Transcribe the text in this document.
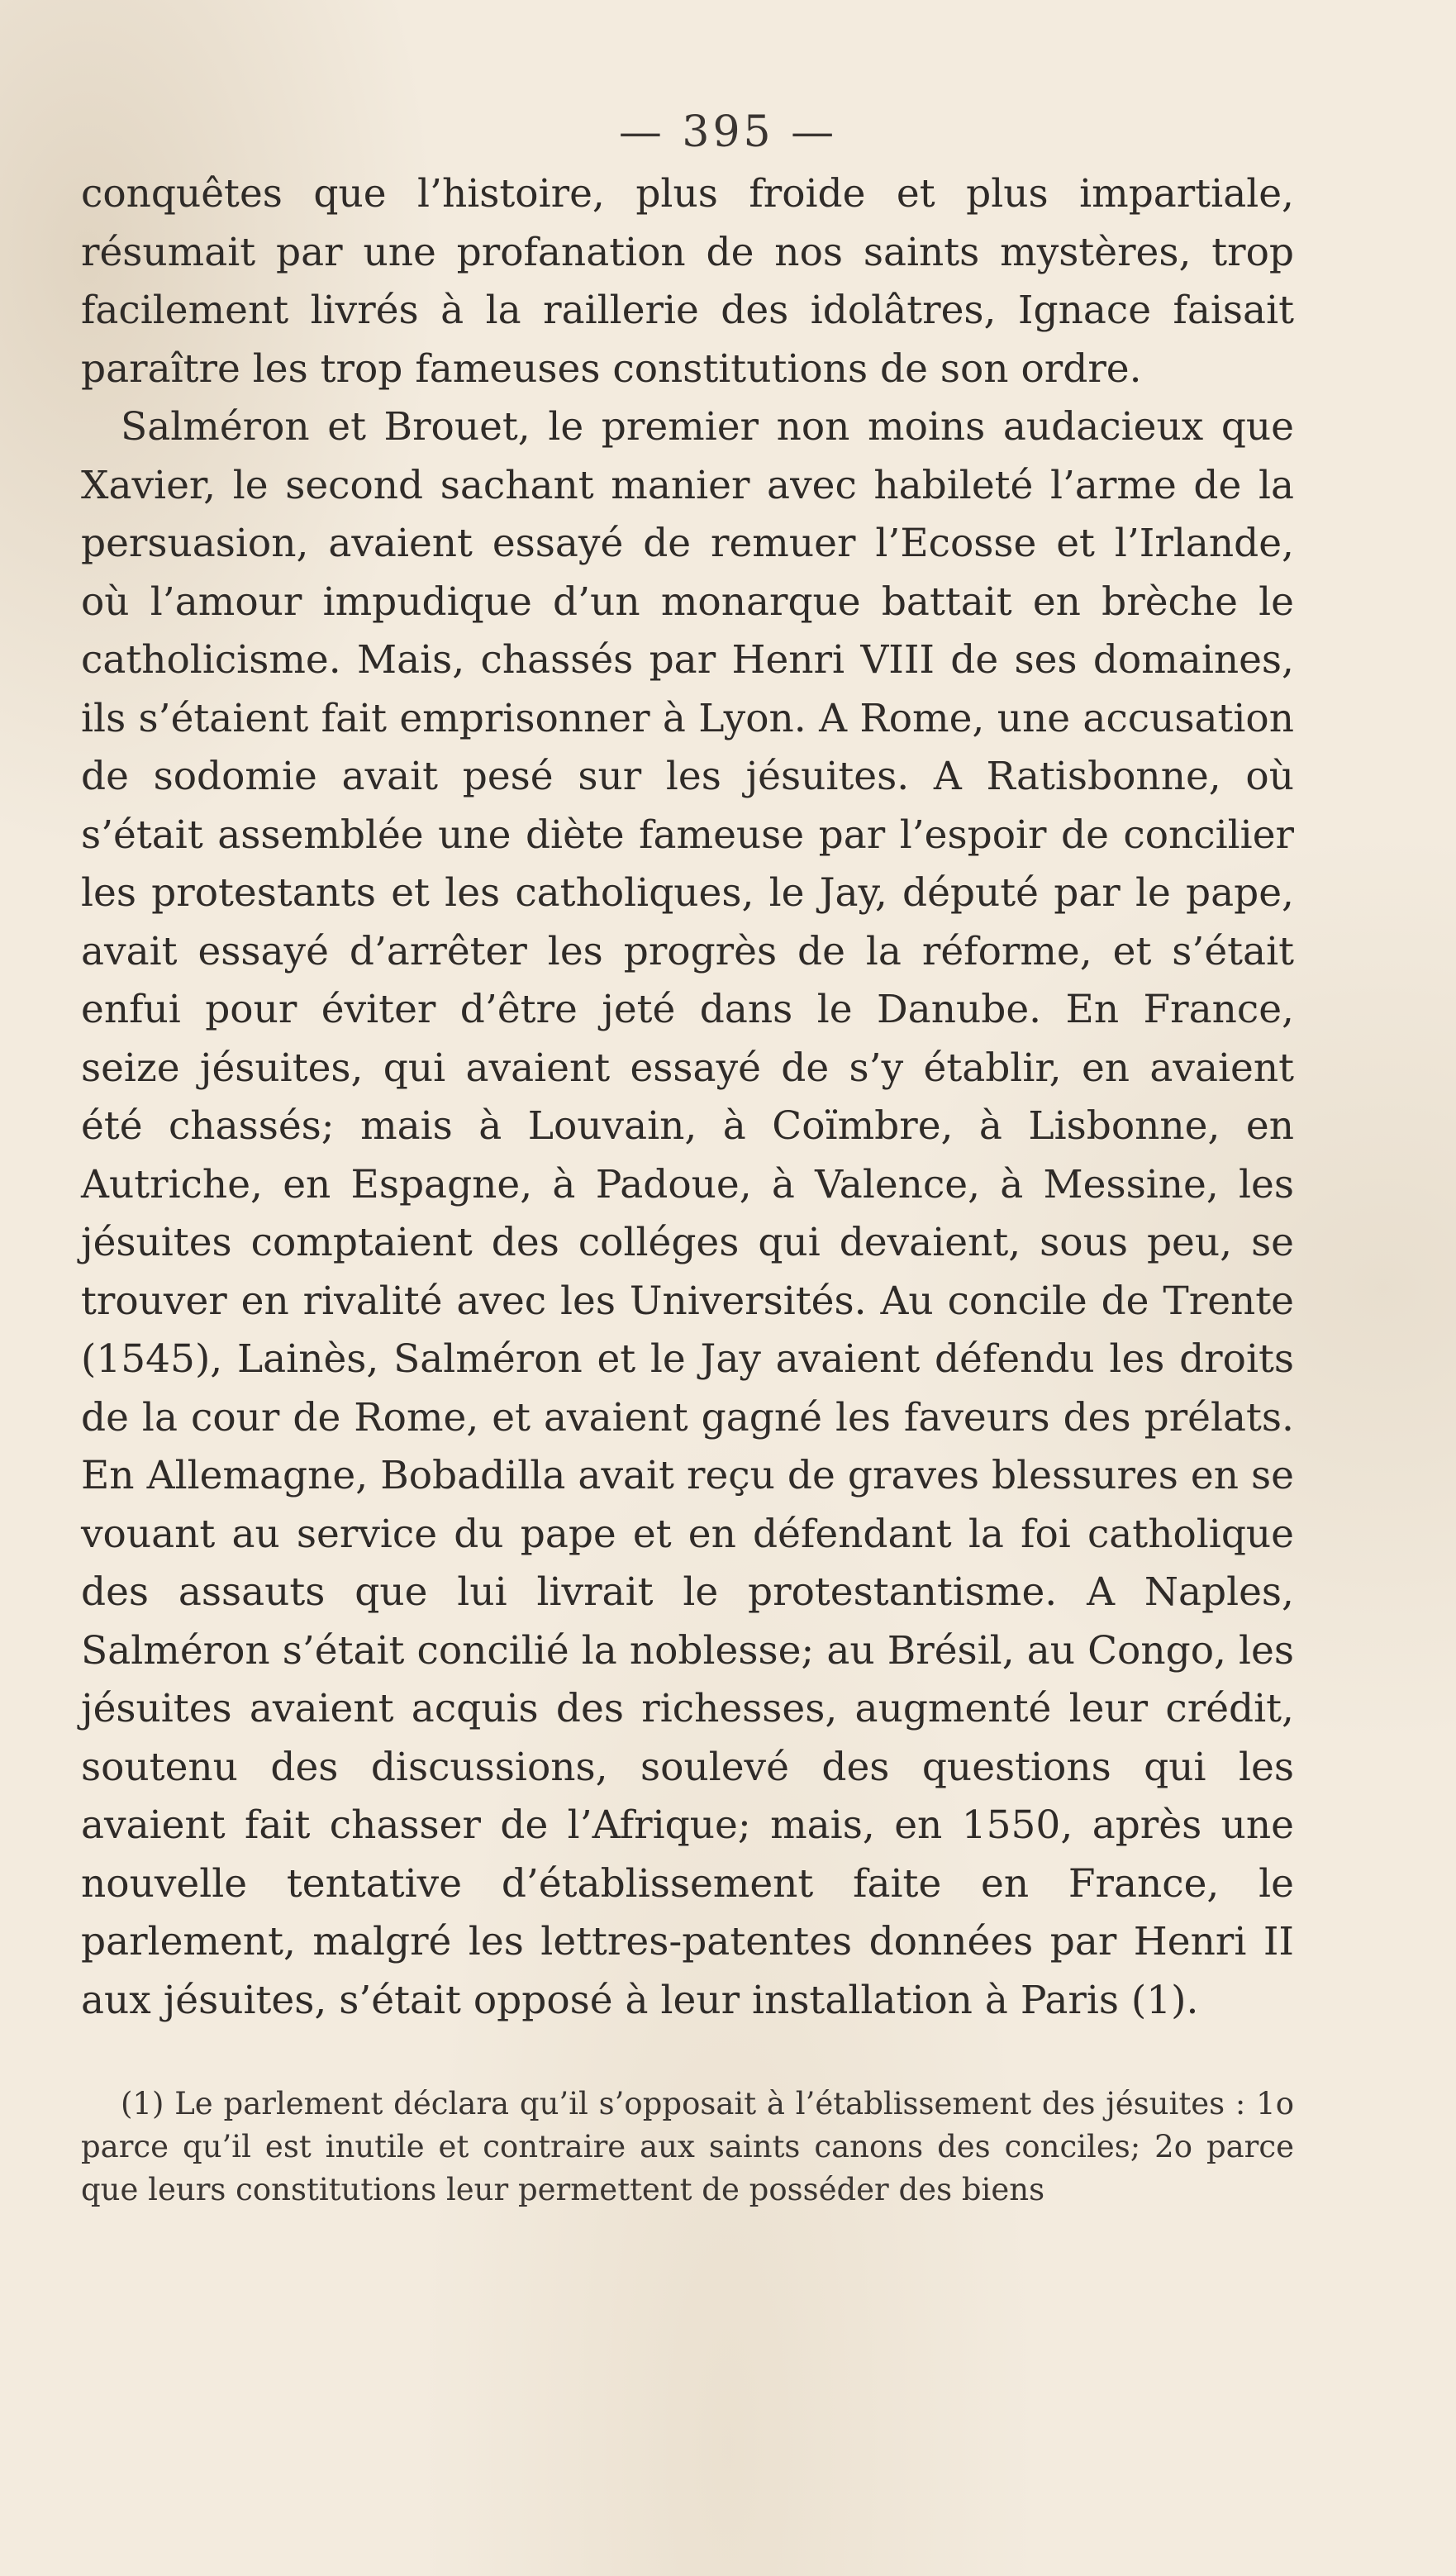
— 395 —

conquêtes que l’histoire, plus froide et plus impartiale, résumait par une profanation de nos saints mystères, trop facilement livrés à la raillerie des idolâtres, Ignace faisait paraître les trop fameuses constitutions de son ordre.

Salméron et Brouet, le premier non moins audacieux que Xavier, le second sachant manier avec habileté l’arme de la persuasion, avaient essayé de remuer l’Ecosse et l’Irlande, où l’amour impudique d’un monarque battait en brèche le catholicisme. Mais, chassés par Henri VIII de ses domaines, ils s’étaient fait emprisonner à Lyon. A Rome, une accusation de sodomie avait pesé sur les jésuites. A Ratisbonne, où s’était assemblée une diète fameuse par l’espoir de concilier les protestants et les catholiques, le Jay, député par le pape, avait essayé d’arrêter les progrès de la réforme, et s’était enfui pour éviter d’être jeté dans le Danube. En France, seize jésuites, qui avaient essayé de s’y établir, en avaient été chassés; mais à Louvain, à Coïmbre, à Lisbonne, en Autriche, en Espagne, à Padoue, à Valence, à Messine, les jésuites comptaient des colléges qui devaient, sous peu, se trouver en rivalité avec les Universités. Au concile de Trente (1545), Lainès, Salméron et le Jay avaient défendu les droits de la cour de Rome, et avaient gagné les faveurs des prélats. En Allemagne, Bobadilla avait reçu de graves blessures en se vouant au service du pape et en défendant la foi catholique des assauts que lui livrait le protestantisme. A Naples, Salméron s’était concilié la noblesse; au Brésil, au Congo, les jésuites avaient acquis des richesses, augmenté leur crédit, soutenu des discussions, soulevé des questions qui les avaient fait chasser de l’Afrique; mais, en 1550, après une nouvelle tentative d’établissement faite en France, le parlement, malgré les lettres-patentes données par Henri II aux jésuites, s’était opposé à leur installation à Paris (1).

(1) Le parlement déclara qu’il s’opposait à l’établissement des jésuites : 1o parce qu’il est inutile et contraire aux saints canons des conciles; 2o parce que leurs constitutions leur permettent de posséder des biens
